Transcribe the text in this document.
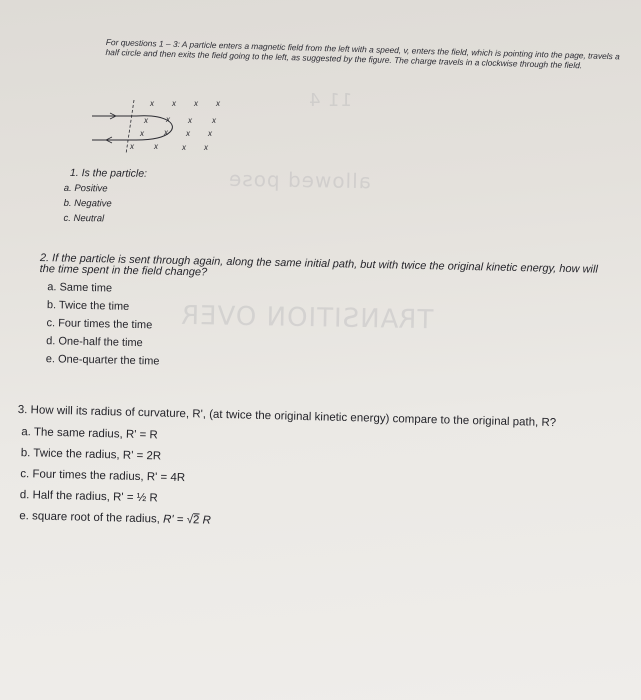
11 4
allowed pose
TRANSITION OVER
For questions 1 – 3: A particle enters a magnetic field from the left with a speed, v, enters the field, which is pointing into the page, travels a half circle and then exits the field going to the left, as suggested by the figure. The charge travels in a clockwise through the field.
x x x x
x x x	x
x	x x x
x	x	x x
1. Is the particle:
a. Positive
b. Negative
c. Neutral
2. If the particle is sent through again, along the same initial path, but with twice the original kinetic energy, how will the time spent in the field change?
a. Same time
b. Twice the time
c. Four times the time
d. One-half the time
e. One-quarter the time
3. How will its radius of curvature, R', (at twice the original kinetic energy) compare to the original path, R?
a. The same radius, R' = R
b. Twice the radius, R' = 2R
c. Four times the radius, R' = 4R
d. Half the radius, R' = ½ R
e. square root of the radius, R' = √2 R
